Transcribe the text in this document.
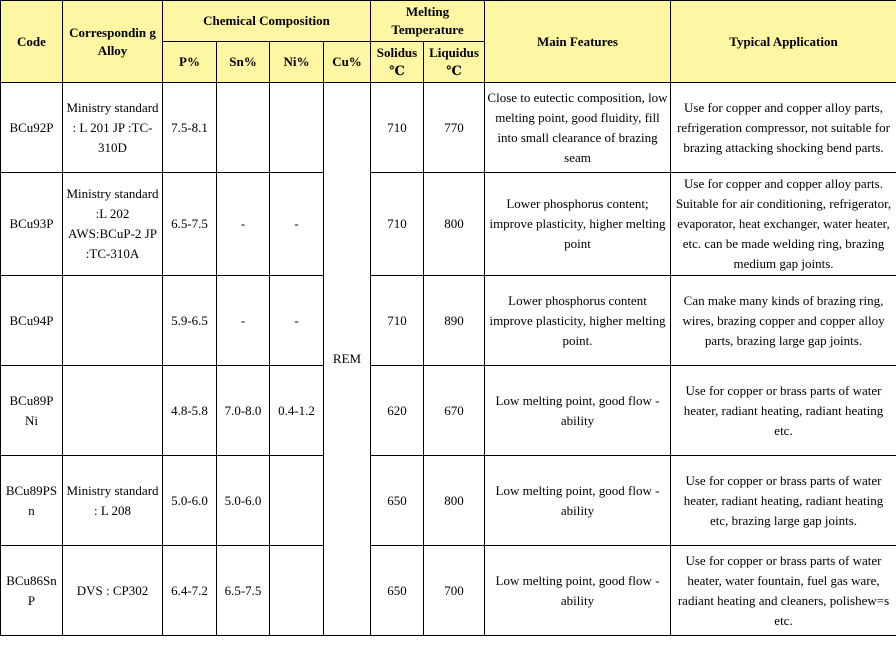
Code	Correspondin g Alloy	Chemical Composition				Melting Temperature		Main Features	Typical Application
		P%	Sn%	Ni%	Cu%	Solidus ℃	Liquidus ℃		
BCu92P	Ministry standard : L 201 JP :TC-310D	7.5-8.1			REM	710	770	Close to eutectic composition, low melting point, good fluidity, fill into small clearance of brazing seam	Use for copper and copper alloy parts, refrigeration compressor, not suitable for brazing attacking shocking bend parts.
BCu93P	Ministry standard :L 202 AWS:BCuP-2 JP :TC-310A	6.5-7.5	-	-		710	800	Lower phosphorus content; improve plasticity, higher melting point	Use for copper and copper alloy parts. Suitable for air conditioning, refrigerator, evaporator, heat exchanger, water heater, etc. can be made welding ring, brazing medium gap joints.
BCu94P		5.9-6.5	-	-		710	890	Lower phosphorus content improve plasticity, higher melting point.	Can make many kinds of brazing ring, wires, brazing copper and copper alloy parts, brazing large gap joints.
BCu89P Ni		4.8-5.8	7.0-8.0	0.4-1.2		620	670	Low melting point, good flow - ability	Use for copper or brass parts of water heater, radiant heating, radiant heating etc.
BCu89PS n	Ministry standard : L 208	5.0-6.0	5.0-6.0			650	800	Low melting point, good flow - ability	Use for copper or brass parts of water heater, radiant heating, radiant heating etc, brazing large gap joints.
BCu86Sn P	DVS : CP302	6.4-7.2	6.5-7.5			650	700	Low melting point, good flow - ability	Use for copper or brass parts of water heater, water fountain, fuel gas ware, radiant heating and cleaners, polishew=s etc.
